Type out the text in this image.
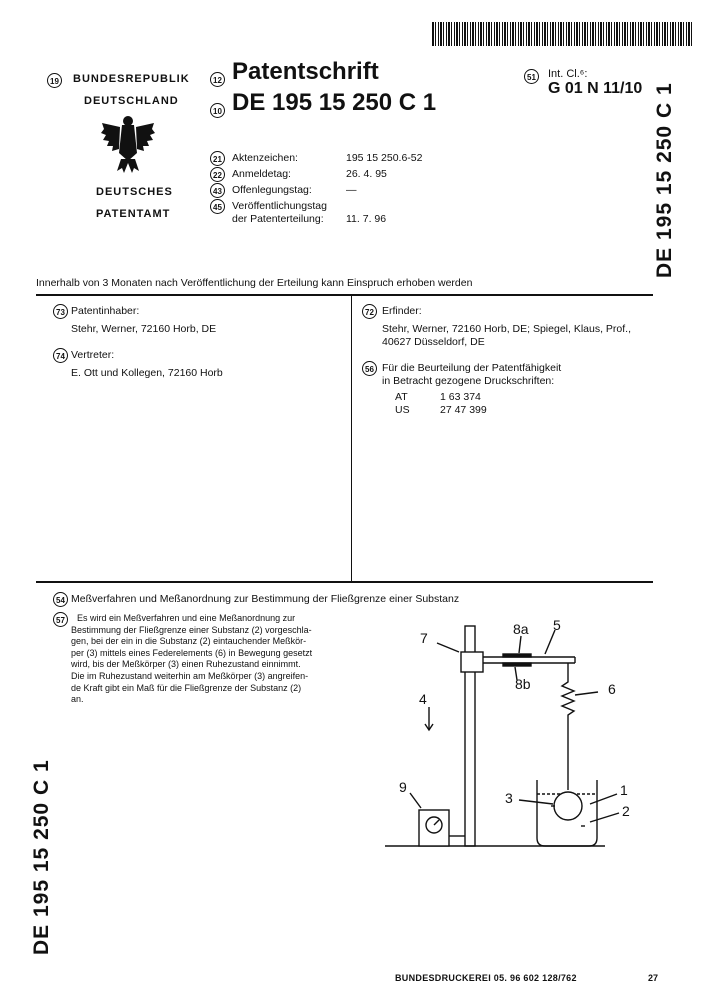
19 BUNDESREPUBLIK
DEUTSCHLAND
DEUTSCHES
PATENTAMT
12 Patentschrift
10 DE 195 15 250 C 1
51 Int. Cl.⁶:
G 01 N 11/10 DE 195 15 250 C 1
21 Aktenzeichen:	195 15 250.6-52
22 Anmeldetag:	26. 4. 95
43 Offenlegungstag:	—
45 Veröffentlichungstag
der Patenterteilung: 11. 7. 96
Innerhalb von 3 Monaten nach Veröffentlichung der Erteilung kann Einspruch erhoben werden
73 Patentinhaber:
Stehr, Werner, 72160 Horb, DE
74 Vertreter:
E. Ott und Kollegen, 72160 Horb
72 Erfinder:
Stehr, Werner, 72160 Horb, DE; Spiegel, Klaus, Prof.,
40627 Düsseldorf, DE
56 Für die Beurteilung der Patentfähigkeit
in Betracht gezogene Druckschriften:
AT	1 63 374
US	27 47 399
54 Meßverfahren und Meßanordnung zur Bestimmung der Fließgrenze einer Substanz
57	Es wird ein Meßverfahren und eine Meßanordnung zur
Bestimmung der Fließgrenze einer Substanz (2) vorgeschla-
gen, bei der ein in die Substanz (2) eintauchender Meßkör-
per (3) mittels eines Federelements (6) in Bewegung gesetzt
wird, bis der Meßkörper (3) einen Ruhezustand einnimmt.
Die im Ruhezustand weiterhin am Meßkörper (3) angreifen-
de Kraft gibt ein Maß für die Fließgrenze der Substanz (2)
an.
7
8a 5
8b	6
4
3	1
2
9
DE 195 15 250 C 1
BUNDESDRUCKEREI 05. 96 602 128/762	27
